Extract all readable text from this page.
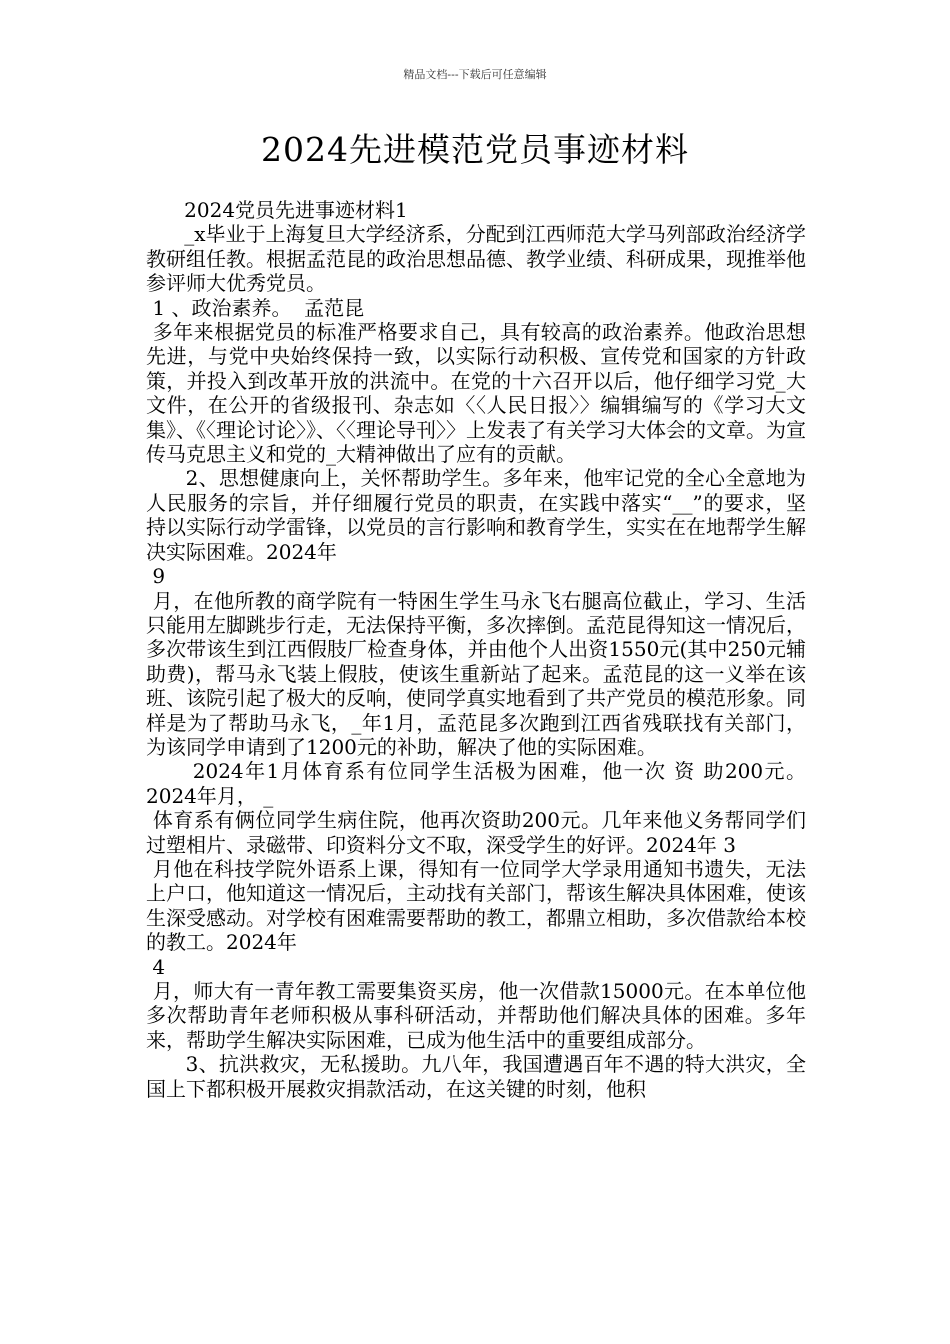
精品文档---下载后可任意编辑
2024先进模范党员事迹材料

2024党员先进事迹材料1

_x毕业于上海复旦大学经济系，分配到江西师范大学马列部政治经济学教研组任教。根据孟范昆的政治思想品德、教学业绩、科研成果，现推举他参评师大优秀党员。

1 、政治素养。  孟范昆

多年来根据党员的标准严格要求自己，具有较高的政治素养。他政治思想先进，与党中央始终保持一致，以实际行动积极、宣传党和国家的方针政策，并投入到改革开放的洪流中。在党的十六召开以后，他仔细学习党_大文件，在公开的省级报刊、杂志如〈〈人民日报〉〉编辑编写的《学习大文集》、《〈理论讨论〉》、〈〈理论导刊〉〉上发表了有关学习大体会的文章。为宣传马克思主义和党的_大精神做出了应有的贡献。

2、思想健康向上，关怀帮助学生。多年来，他牢记党的全心全意地为人民服务的宗旨，并仔细履行党员的职责，在实践中落实“__”的要求，坚持以实际行动学雷锋，以党员的言行影响和教育学生，实实在在地帮学生解决实际困难。2024年

9

月，在他所教的商学院有一特困生学生马永飞右腿高位截止，学习、生活只能用左脚跳步行走，无法保持平衡，多次摔倒。孟范昆得知这一情况后，多次带该生到江西假肢厂检查身体，并由他个人出资1550元(其中250元辅助费)，帮马永飞装上假肢，使该生重新站了起来。孟范昆的这一义举在该班、该院引起了极大的反响，使同学真实地看到了共产党员的模范形象。同样是为了帮助马永飞，_年1月，孟范昆多次跑到江西省残联找有关部门，为该同学申请到了1200元的补助，解决了他的实际困难。

2024年1月体育系有位同学生活极为困难，他一次 资 助200元。2024年月， _

体育系有俩位同学生病住院，他再次资助200元。几年来他义务帮同学们过塑相片、录磁带、印资料分文不取，深受学生的好评。2024年 3

月他在科技学院外语系上课，得知有一位同学大学录用通知书遗失，无法上户口，他知道这一情况后，主动找有关部门，帮该生解决具体困难，使该生深受感动。对学校有困难需要帮助的教工，都鼎立相助，多次借款给本校的教工。2024年

4

月，师大有一青年教工需要集资买房，他一次借款15000元。在本单位他多次帮助青年老师积极从事科研活动，并帮助他们解决具体的困难。多年来，帮助学生解决实际困难，已成为他生活中的重要组成部分。

3、抗洪救灾，无私援助。九八年，我国遭遇百年不遇的特大洪灾，全国上下都积极开展救灾捐款活动，在这关键的时刻，他积
